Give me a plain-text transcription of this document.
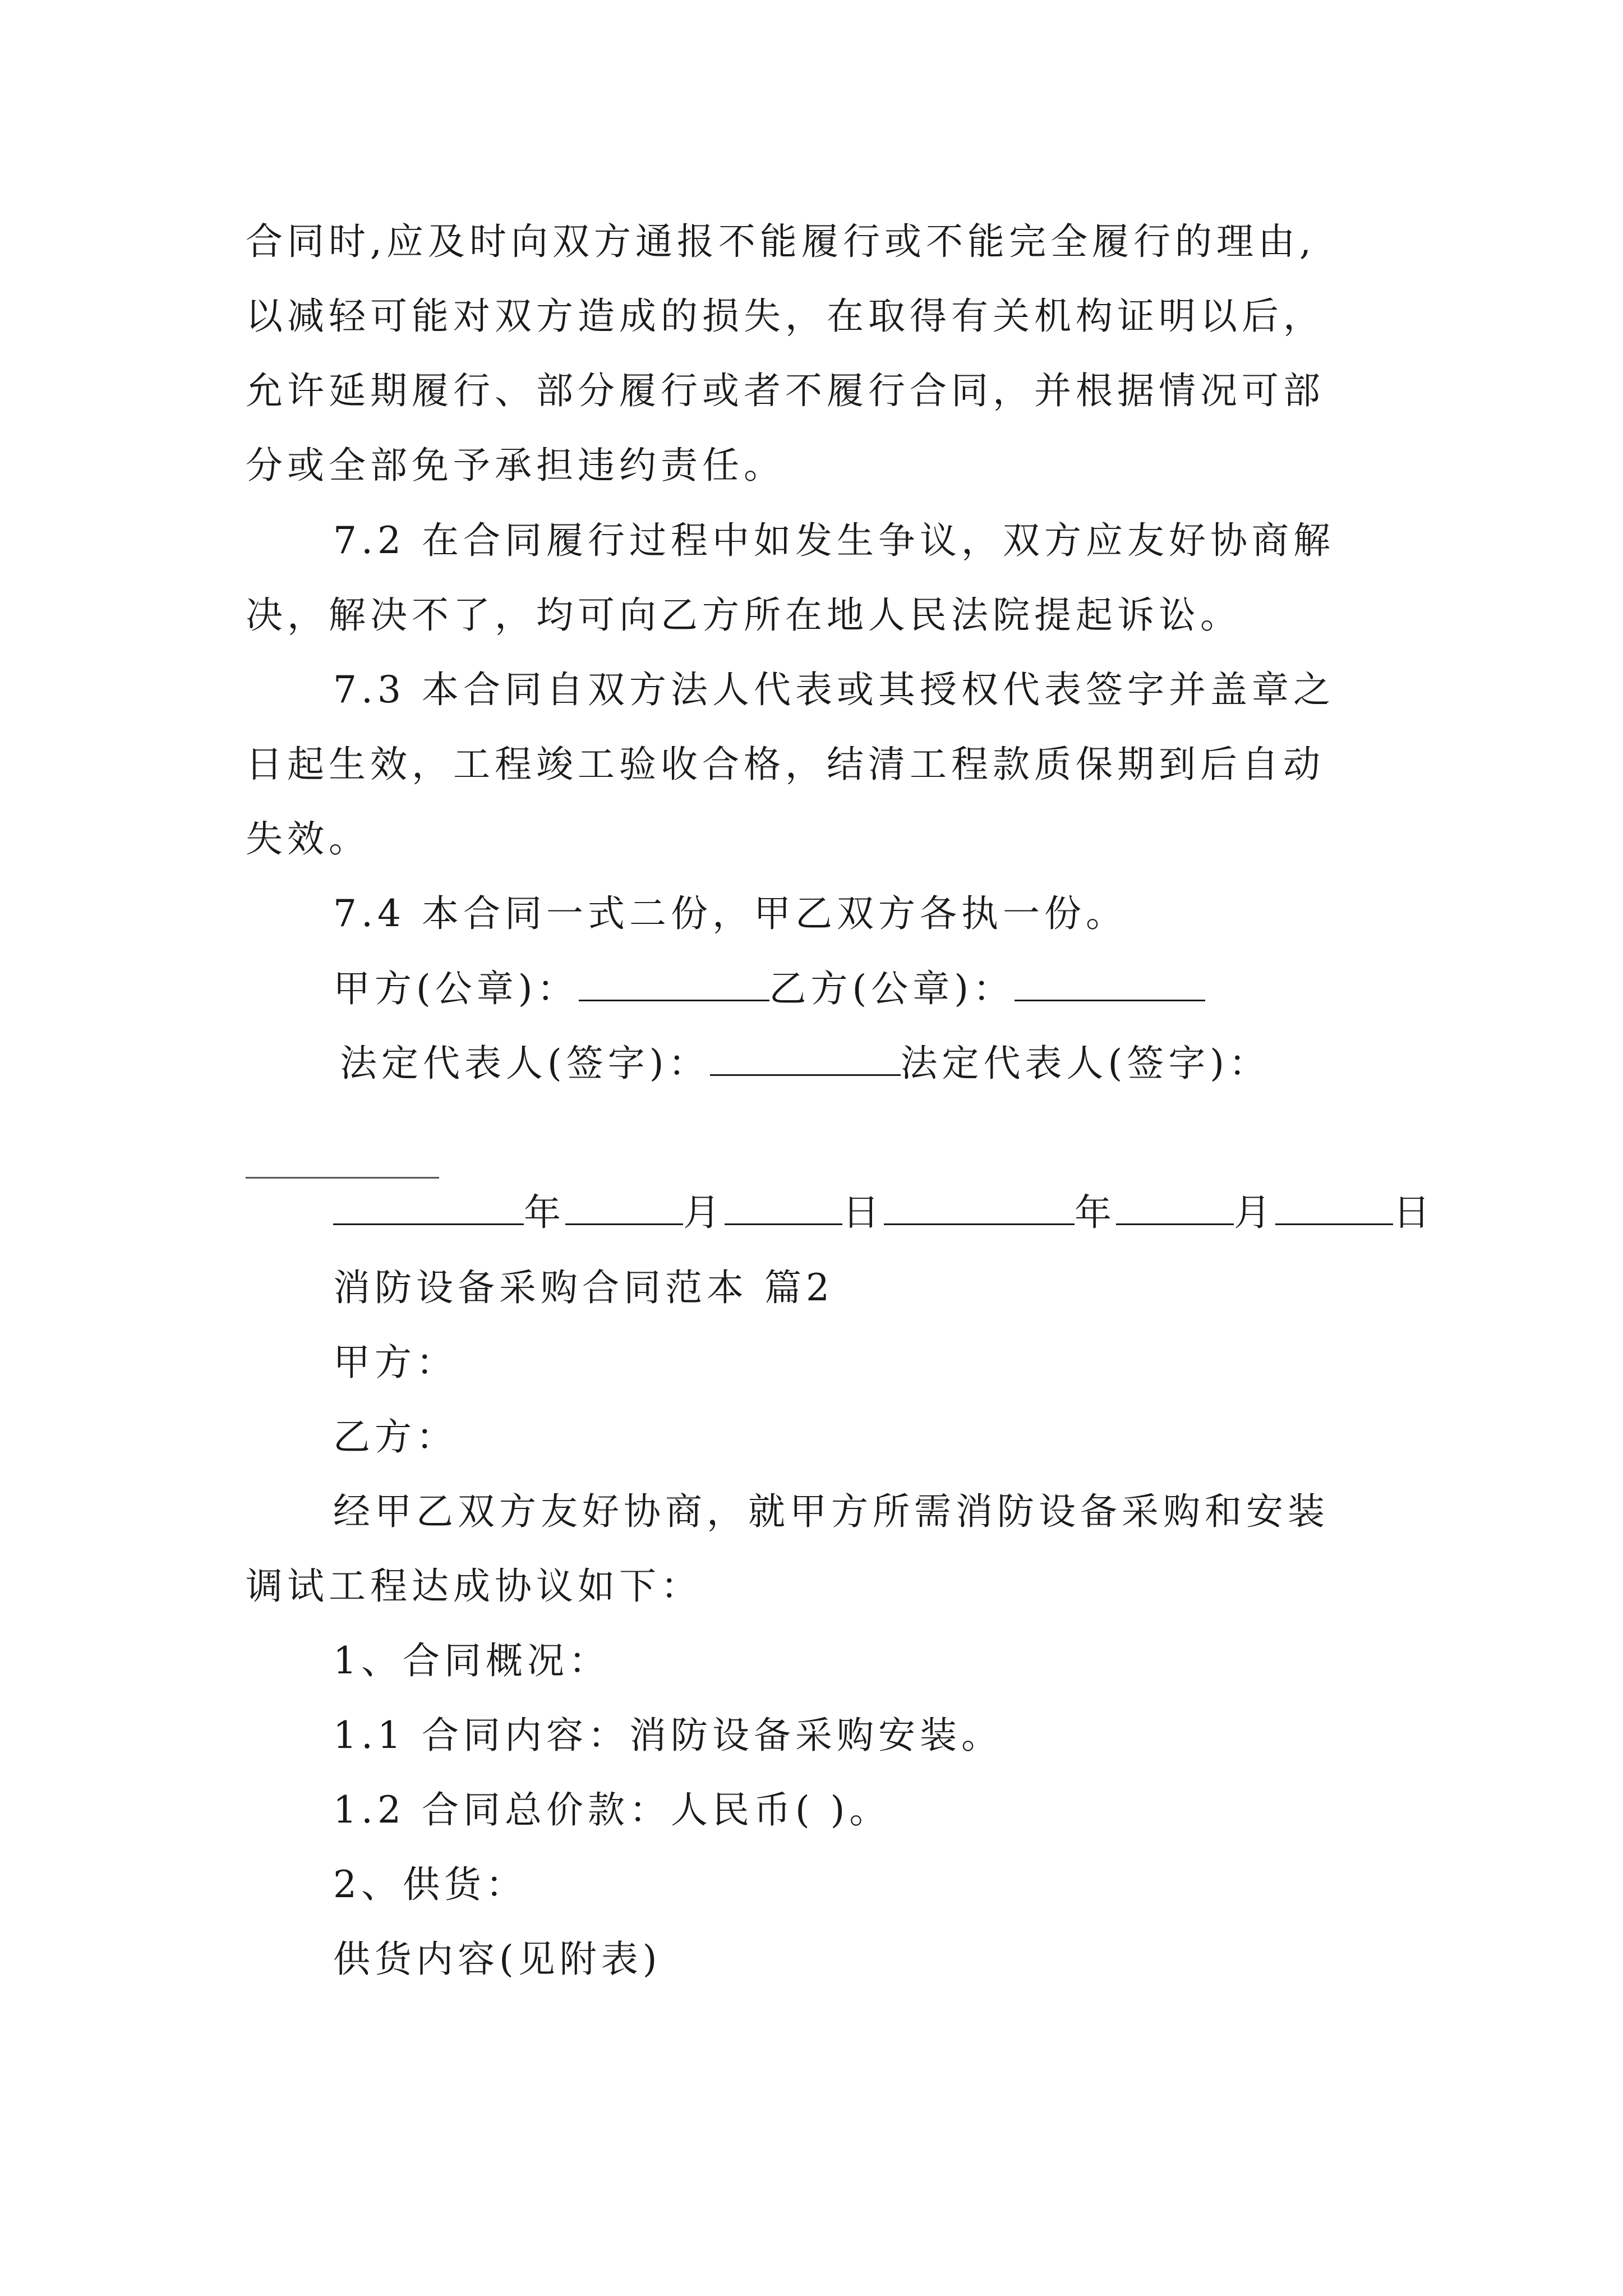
合同时,应及时向双方通报不能履行或不能完全履行的理由,
以减轻可能对双方造成的损失，在取得有关机构证明以后，
允许延期履行、部分履行或者不履行合同，并根据情况可部
分或全部免予承担违约责任。
7.2 在合同履行过程中如发生争议，双方应友好协商解
决，解决不了，均可向乙方所在地人民法院提起诉讼。
7.3 本合同自双方法人代表或其授权代表签字并盖章之
日起生效，工程竣工验收合格，结清工程款质保期到后自动
失效。
7.4 本合同一式二份，甲乙双方各执一份。
甲方(公章)：	乙方(公章)：
法定代表人(签字)：	法定代表人(签字)：
年	月	日	年	月	日
消防设备采购合同范本 篇2
甲方：
乙方：
经甲乙双方友好协商，就甲方所需消防设备采购和安装
调试工程达成协议如下：
1、合同概况：
1.1 合同内容：消防设备采购安装。
1.2 合同总价款：人民币( )。
2、供货：
供货内容(见附表)
